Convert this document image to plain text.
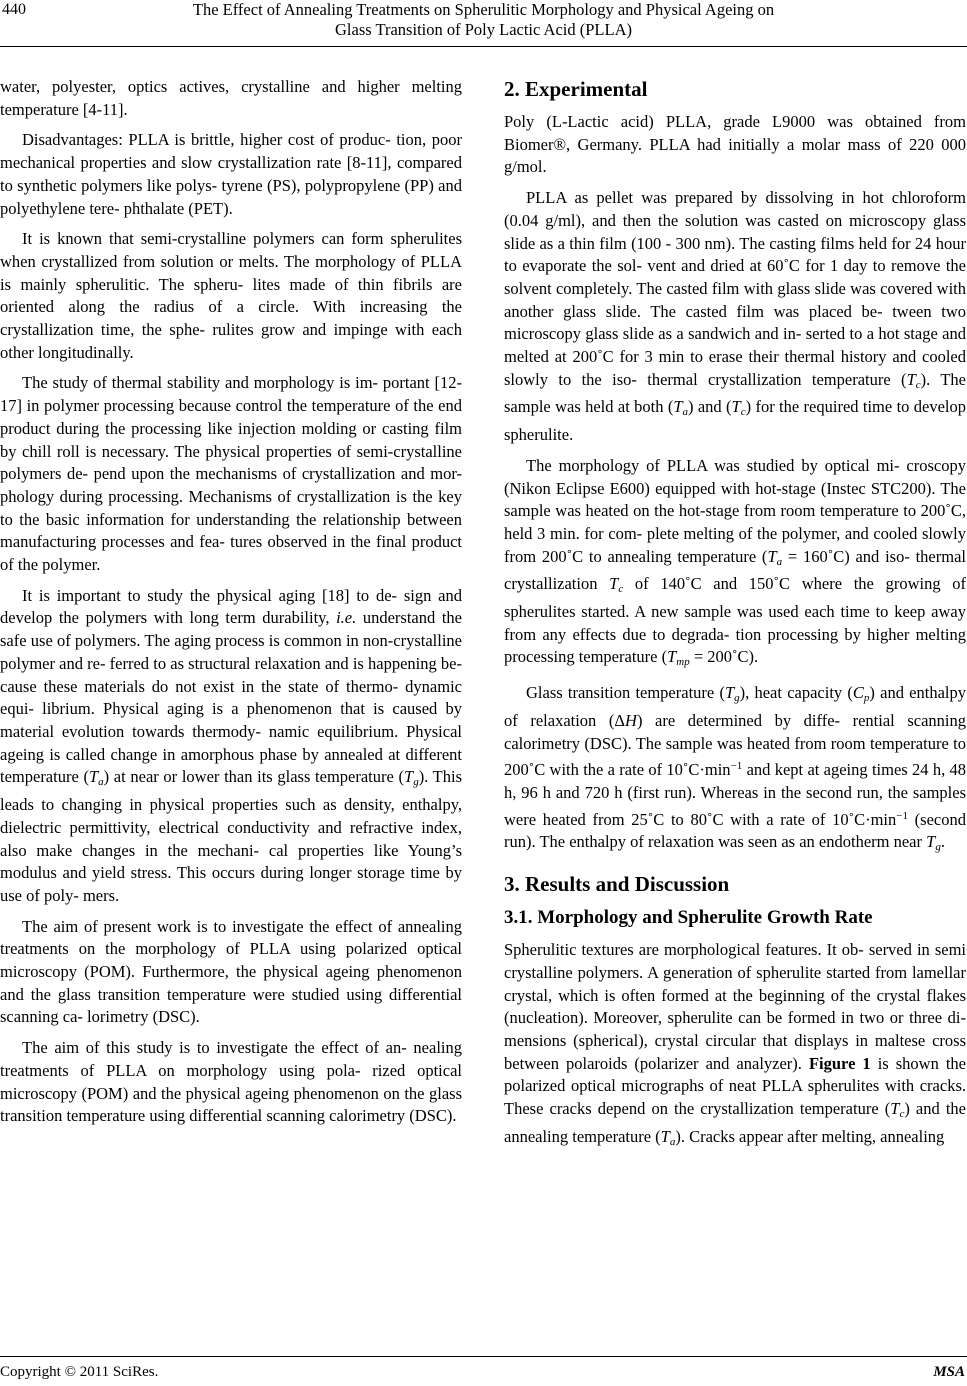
440	The Effect of Annealing Treatments on Spherulitic Morphology and Physical Ageing on
Glass Transition of Poly Lactic Acid (PLLA)

water, polyester, optics actives, crystalline and higher melting temperature [4-11].

Disadvantages: PLLA is brittle, higher cost of produc- tion, poor mechanical properties and slow crystallization rate [8-11], compared to synthetic polymers like polys- tyrene (PS), polypropylene (PP) and polyethylene tere- phthalate (PET).

It is known that semi-crystalline polymers can form spherulites when crystallized from solution or melts. The morphology of PLLA is mainly spherulitic. The spheru- lites made of thin fibrils are oriented along the radius of a circle. With increasing the crystallization time, the sphe- rulites grow and impinge with each other longitudinally.

The study of thermal stability and morphology is im- portant [12-17] in polymer processing because control the temperature of the end product during the processing like injection molding or casting film by chill roll is necessary. The physical properties of semi-crystalline polymers de- pend upon the mechanisms of crystallization and mor- phology during processing. Mechanisms of crystallization is the key to the basic information for understanding the relationship between manufacturing processes and fea- tures observed in the final product of the polymer.

It is important to study the physical aging [18] to de- sign and develop the polymers with long term durability, i.e. understand the safe use of polymers. The aging process is common in non-crystalline polymer and re- ferred to as structural relaxation and is happening be- cause these materials do not exist in the state of thermo- dynamic equi- librium. Physical aging is a phenomenon that is caused by material evolution towards thermody- namic equilibrium. Physical ageing is called change in amorphous phase by annealed at different temperature $(T_a)$ at near or lower than its glass temperature $(T_g)$. This leads to changing in physical properties such as density, enthalpy, dielectric permittivity, electrical conductivity and refractive index, also make changes in the mechani- cal properties like Young’s modulus and yield stress. This occurs during longer storage time by use of poly- mers.

The aim of present work is to investigate the effect of annealing treatments on the morphology of PLLA using polarized optical microscopy (POM). Furthermore, the physical ageing phenomenon and the glass transition temperature were studied using differential scanning ca- lorimetry (DSC).

The aim of this study is to investigate the effect of an- nealing treatments of PLLA on morphology using pola- rized optical microscopy (POM) and the physical ageing phenomenon on the glass transition temperature using differential scanning calorimetry (DSC).

2. Experimental

Poly (L-Lactic acid) PLLA, grade L9000 was obtained from Biomer®, Germany. PLLA had initially a molar mass of 220 000 g/mol.

PLLA as pellet was prepared by dissolving in hot chloroform (0.04 g/ml), and then the solution was casted on microscopy glass slide as a thin film (100 - 300 nm). The casting films held for 24 hour to evaporate the sol- vent and dried at 60˚C for 1 day to remove the solvent completely. The casted film with glass slide was covered with another glass slide. The casted film was placed be- tween two microscopy glass slide as a sandwich and in- serted to a hot stage and melted at 200˚C for 3 min to erase their thermal history and cooled slowly to the iso- thermal crystallization temperature $(T_c)$. The sample was held at both $(T_a)$ and $(T_c)$ for the required time to develop spherulite.

The morphology of PLLA was studied by optical mi- croscopy (Nikon Eclipse E600) equipped with hot-stage (Instec STC200). The sample was heated on the hot-stage from room temperature to 200˚C, held 3 min. for com- plete melting of the polymer, and cooled slowly from 200˚C to annealing temperature ($T_a$ = 160˚C) and iso- thermal crystallization $T_c$ of 140˚C and 150˚C where the growing of spherulites started. A new sample was used each time to keep away from any effects due to degrada- tion processing by higher melting processing temperature ($T_{mp}$ = 200˚C).

Glass transition temperature $(T_g)$, heat capacity $(C_p)$ and enthalpy of relaxation (ΔH) are determined by diffe- rential scanning calorimetry (DSC). The sample was heated from room temperature to 200˚C with the a rate of $10˚C\cdot\min^{-1}$ and kept at ageing times 24 h, 48 h, 96 h and 720 h (first run). Whereas in the second run, the samples were heated from 25˚C to 80˚C with a rate of $10˚C\cdot\min^{-1}$ (second run). The enthalpy of relaxation was seen as an endotherm near $T_g$.

3. Results and Discussion
3.1. Morphology and Spherulite Growth Rate

Spherulitic textures are morphological features. It ob- served in semi crystalline polymers. A generation of spherulite started from lamellar crystal, which is often formed at the beginning of the crystal flakes (nucleation). Moreover, spherulite can be formed in two or three di- mensions (spherical), crystal circular that displays in maltese cross between polaroids (polarizer and analyzer). Figure 1 is shown the polarized optical micrographs of neat PLLA spherulites with cracks. These cracks depend on the crystallization temperature $(T_c)$ and the annealing temperature $(T_a)$. Cracks appear after melting, annealing

Copyright © 2011 SciRes.	MSA
